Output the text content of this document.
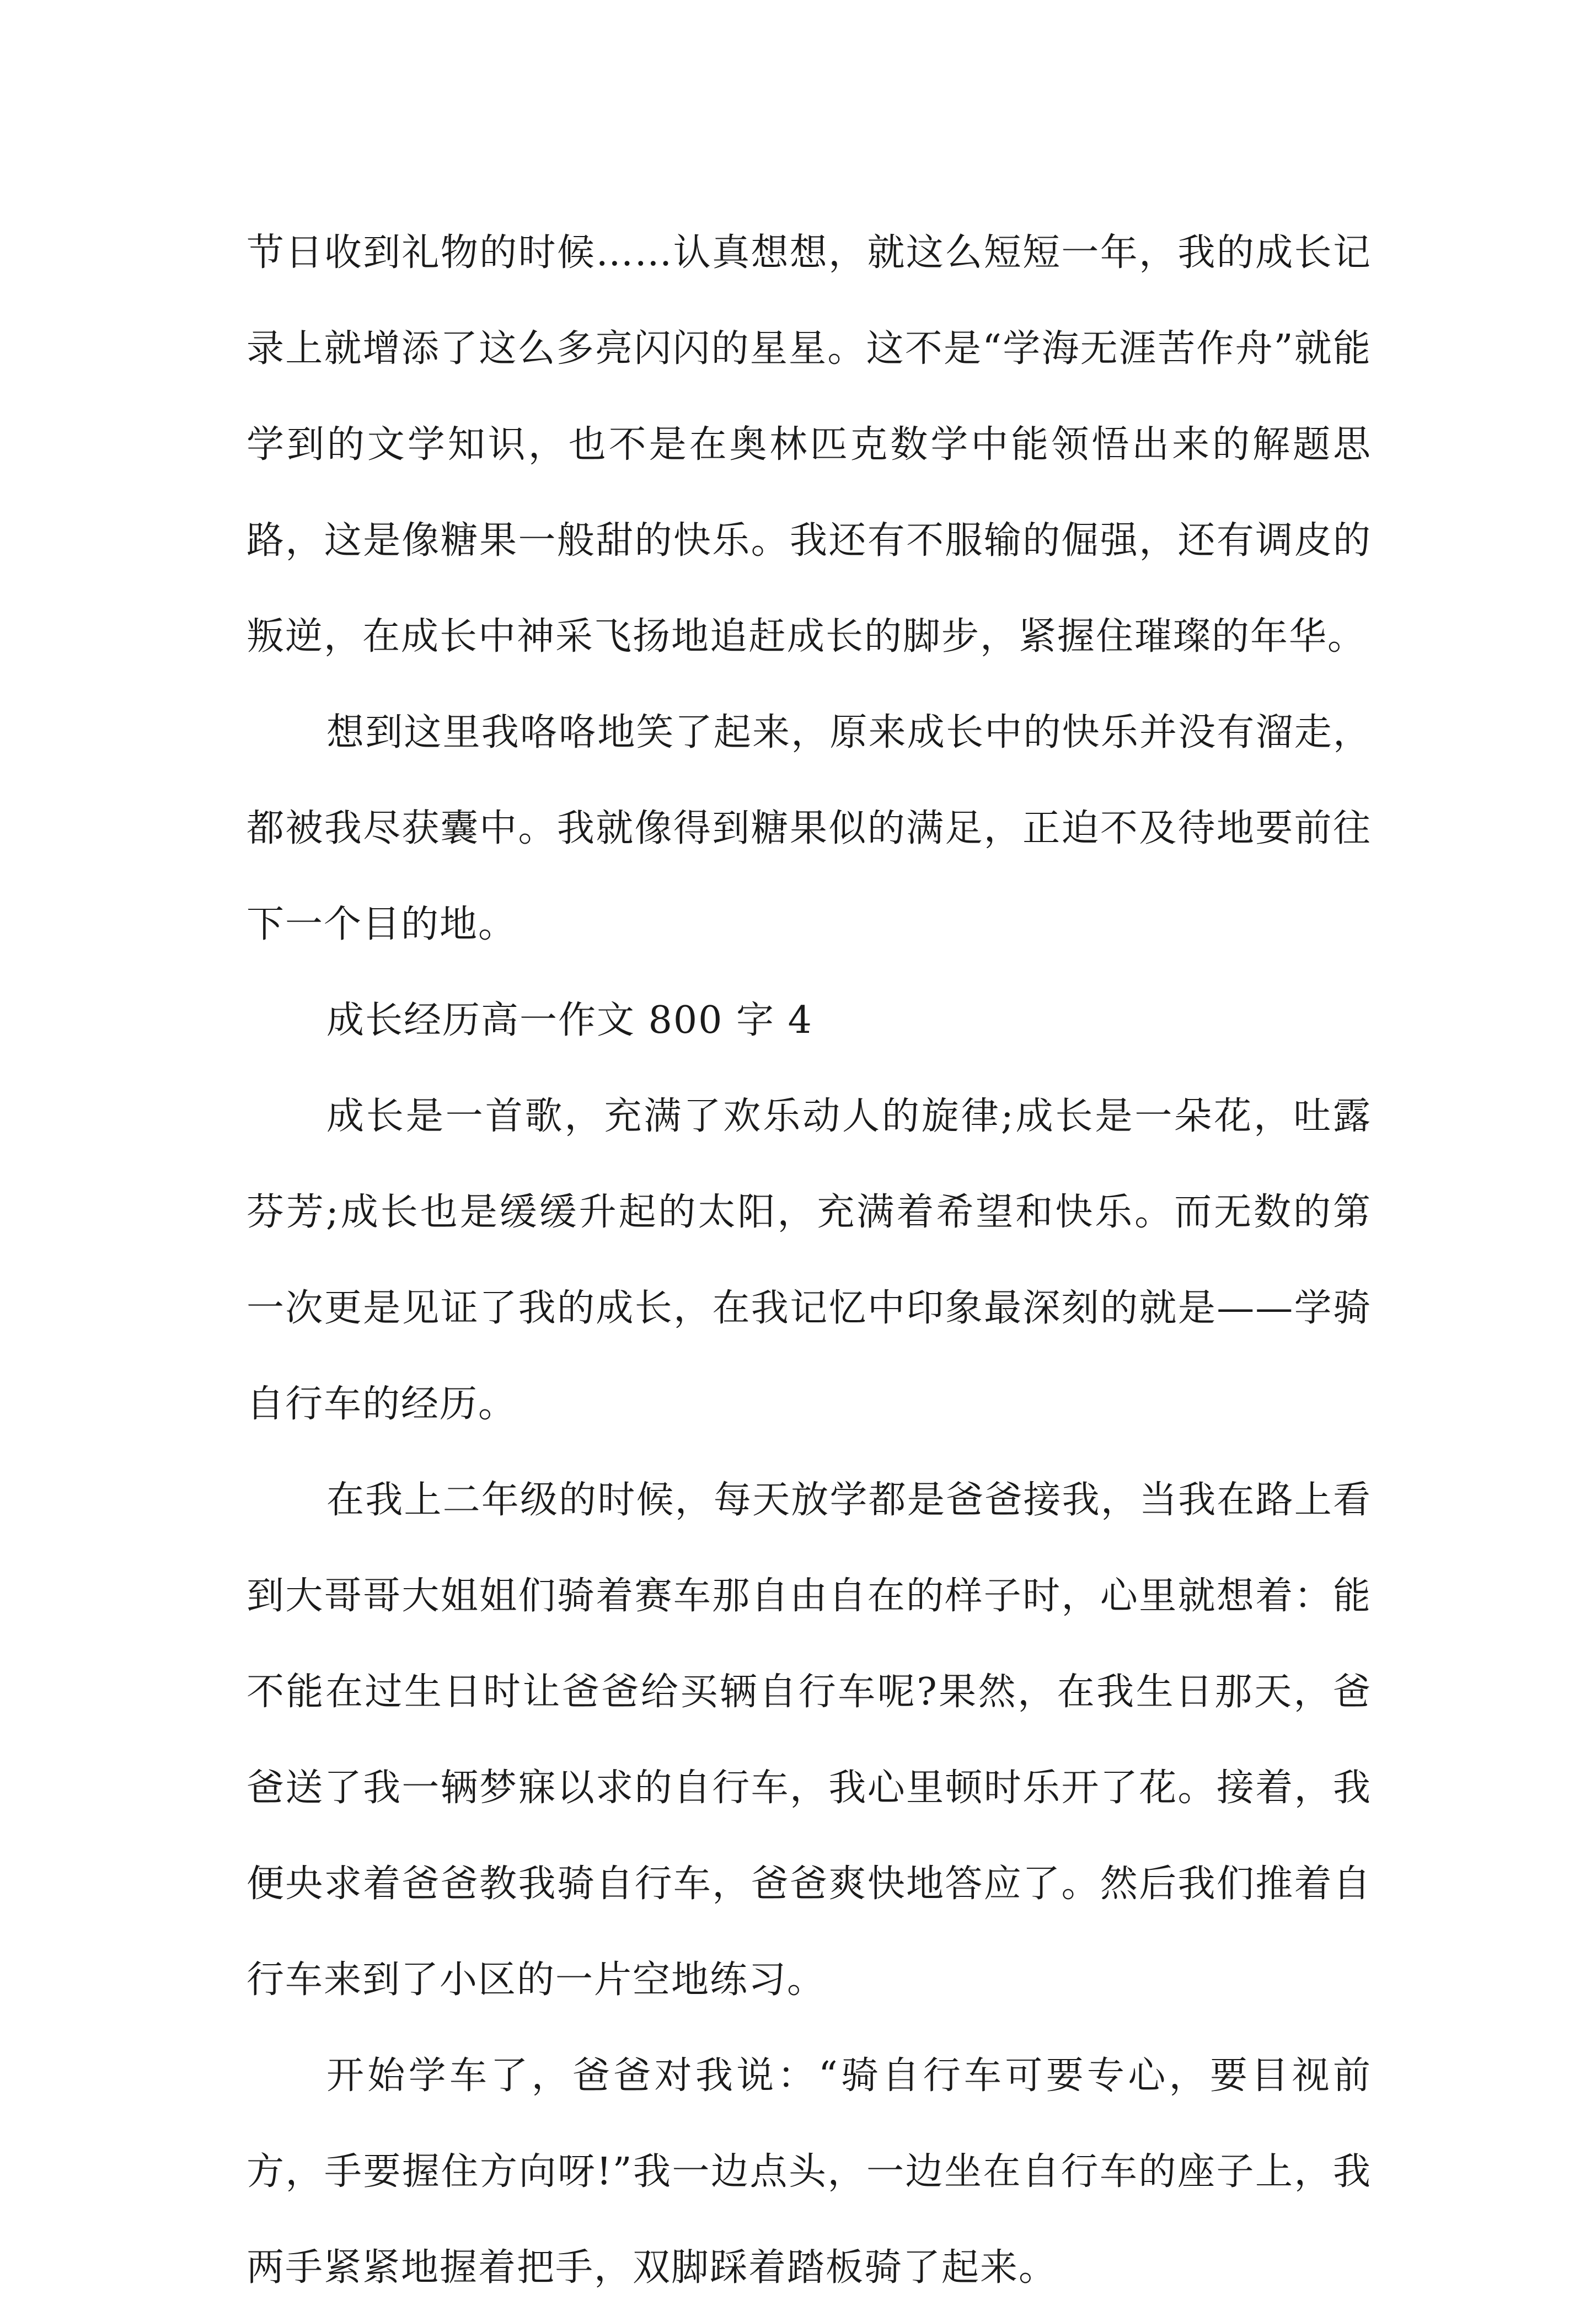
节日收到礼物的时候……认真想想，就这么短短一年，我的成长记录上就增添了这么多亮闪闪的星星。这不是“学海无涯苦作舟”就能学到的文学知识，也不是在奥林匹克数学中能领悟出来的解题思路，这是像糖果一般甜的快乐。我还有不服输的倔强，还有调皮的叛逆，在成长中神采飞扬地追赶成长的脚步，紧握住璀璨的年华。

想到这里我咯咯地笑了起来，原来成长中的快乐并没有溜走，都被我尽获囊中。我就像得到糖果似的满足，正迫不及待地要前往下一个目的地。

成长经历高一作文 800 字 4

成长是一首歌，充满了欢乐动人的旋律;成长是一朵花，吐露芬芳;成长也是缓缓升起的太阳，充满着希望和快乐。而无数的第一次更是见证了我的成长，在我记忆中印象最深刻的就是——学骑自行车的经历。

在我上二年级的时候，每天放学都是爸爸接我，当我在路上看到大哥哥大姐姐们骑着赛车那自由自在的样子时，心里就想着：能不能在过生日时让爸爸给买辆自行车呢?果然，在我生日那天，爸爸送了我一辆梦寐以求的自行车，我心里顿时乐开了花。接着，我便央求着爸爸教我骑自行车，爸爸爽快地答应了。然后我们推着自行车来到了小区的一片空地练习。

开始学车了，爸爸对我说：“骑自行车可要专心，要目视前方，手要握住方向呀!”我一边点头，一边坐在自行车的座子上，我两手紧紧地握着把手，双脚踩着踏板骑了起来。
